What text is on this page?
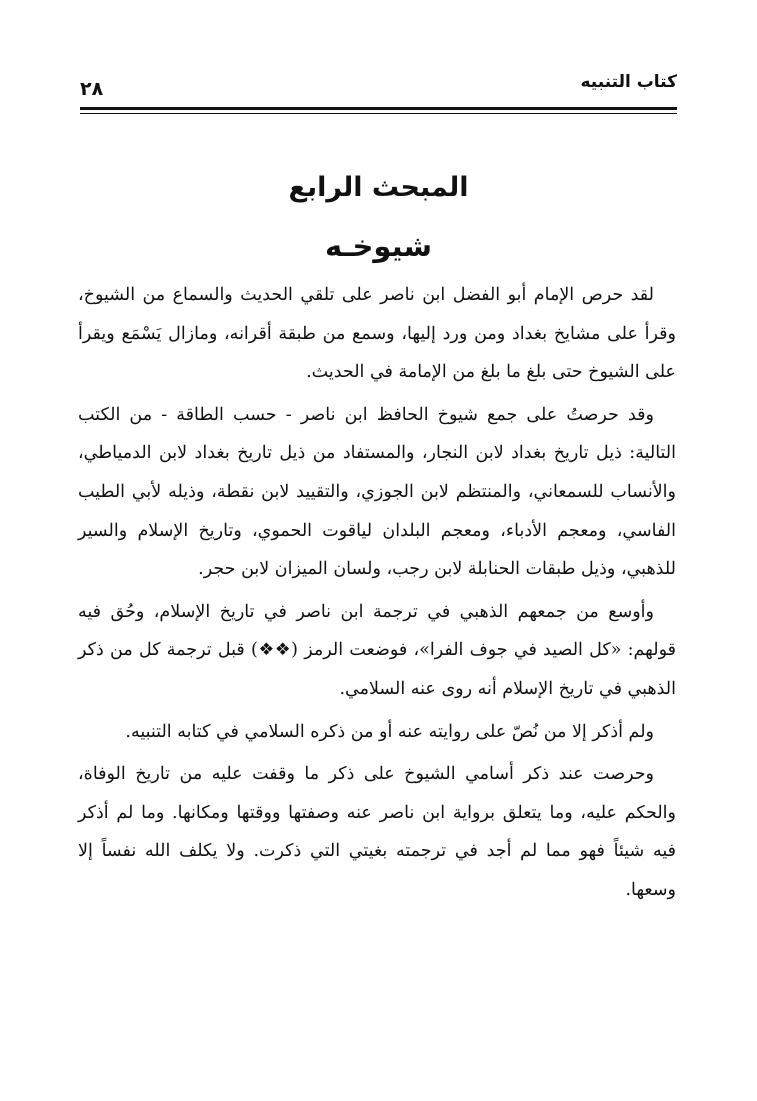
كتاب التنبيه
٢٨
المبحث الرابع
شيوخـه

لقد حرص الإمام أبو الفضل ابن ناصر على تلقي الحديث والسماع من الشيوخ، وقرأ على مشايخ بغداد ومن ورد إليها، وسمع من طبقة أقرانه، ومازال يَسْمَع ويقرأ على الشيوخ حتى بلغ ما بلغ من الإمامة في الحديث.

وقد حرصتُ على جمع شيوخ الحافظ ابن ناصر - حسب الطاقة - من الكتب التالية: ذيل تاريخ بغداد لابن النجار، والمستفاد من ذيل تاريخ بغداد لابن الدمياطي، والأنساب للسمعاني، والمنتظم لابن الجوزي، والتقييد لابن نقطة، وذيله لأبي الطيب الفاسي، ومعجم الأدباء، ومعجم البلدان لياقوت الحموي، وتاريخ الإسلام والسير للذهبي، وذيل طبقات الحنابلة لابن رجب، ولسان الميزان لابن حجر.

وأوسع من جمعهم الذهبي في ترجمة ابن ناصر في تاريخ الإسلام، وحُق فيه قولهم: «كل الصيد في جوف الفرا»، فوضعت الرمز (❖❖) قبل ترجمة كل من ذكر الذهبي في تاريخ الإسلام أنه روى عنه السلامي.

ولم أذكر إلا من نُصّ على روايته عنه أو من ذكره السلامي في كتابه التنبيه.

وحرصت عند ذكر أسامي الشيوخ على ذكر ما وقفت عليه من تاريخ الوفاة، والحكم عليه، وما يتعلق برواية ابن ناصر عنه وصفتها ووقتها ومكانها. وما لم أذكر فيه شيئاً فهو مما لم أجد في ترجمته بغيتي التي ذكرت. ولا يكلف الله نفساً إلا وسعها.
